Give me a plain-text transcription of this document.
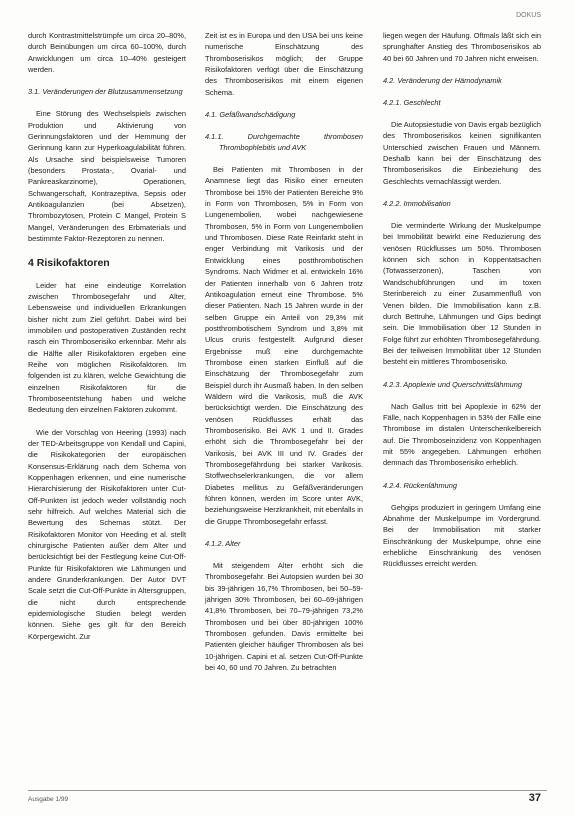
DOKUS

durch Kontrastmittelstrümpfe um circa 20–80%, durch Beinübungen um circa 60–100%, durch Anwicklungen um circa 10–40% gesteigert werden.

3.1. Veränderungen der Blutzusammensetzung

Eine Störung des Wechselspiels zwischen Produktion und Aktivierung von Gerinnungsfaktoren und der Hemmung der Gerinnung kann zur Hyperkoagulabilität führen. Als Ursache sind beispielsweise Tumoren (besonders Prostata-, Ovarial- und Pankreaskarzinome), Operationen, Schwangerschaft, Kontrazeptiva, Sepsis oder Antikoagulanzien (bei Absetzen), Thrombozytosen, Protein C Mangel, Protein S Mangel, Veränderungen des Erbmaterials und bestimmte Faktor-Rezeptoren zu nennen.

4 Risikofaktoren

Leider hat eine eindeutige Korrelation zwischen Thrombosegefahr und Alter, Lebensweise und individuellen Erkrankungen bisher nicht zum Ziel geführt. Dabei wird bei immobilen und postoperativen Zuständen recht rasch ein Thromboserisiko erkennbar. Mehr als die Hälfte aller Risikofaktoren ergeben eine Reihe von möglichen Risikofaktoren. Im folgenden ist zu klären, welche Gewichtung die einzelnen Risikofaktoren für die Thromboseentstehung haben und welche Bedeutung den einzelnen Faktoren zukommt.

Wie der Vorschlag von Heering (1993) nach der TED-Arbeitsgruppe von Kendall und Capini, die Risikokategorien der europäischen Konsensus-Erklärung nach dem Schema von Koppenhagen erkennen, und eine numerische Hierarchisierung der Risikofaktoren unter Cut-Off-Punkten ist jedoch weder vollständig noch sehr hilfreich. Auf welches Material sich die Bewertung des Schemas stützt. Der Risikofaktoren Monitor von Heeding et al. stellt chirurgische Patienten außer dem Alter und berücksichtigt bei der Festlegung keine Cut-Off-Punkte für Risikofaktoren wie Lähmungen und andere Grunderkrankungen. Der Autor DVT Scale setzt die Cut-Off-Punkte in Altersgruppen, die nicht durch entsprechende epidemiologische Studien belegt werden können. Siehe ges gilt für den Bereich Körpergewicht. Zur

Zeit ist es in Europa und den USA bei uns keine numerische Einschätzung des Thromboserisikos möglich; der Gruppe Risikofaktoren verfügt über die Einschätzung des Thromboserisikos mit einem eigenen Schema.

4.1. Gefäßwandschädigung

4.1.1. Durchgemachte thrombosen Thrombophlebitis und AVK

Bei Patienten mit Thrombosen in der Anamnese liegt das Risiko einer erneuten Thrombose bei 15% der Patienten Bereiche 9% in Form von Thrombosen, 5% in Form von Lungenembolien, wobei nachgewiesene Thrombosen, 5% in Form von Lungenembolien und Thrombosen. Diese Rate Reinfarkt steht in enger Verbindung mit Varikosis und der Entwicklung eines postthrombotischen Syndroms. Nach Widmer et al. entwickeln 16% der Patienten innerhalb von 6 Jahren trotz Antikoagulation erneut eine Thrombose. 5% dieser Patienten. Nach 15 Jahren wurde in der selben Gruppe ein Anteil von 29,3% mit postthrombotischem Syndrom und 3,8% mit Ulcus cruris festgestellt. Aufgrund dieser Ergebnisse muß eine durchgemachte Thrombose einen starken Einfluß auf die Einschätzung der Thrombosegefahr zum Beispiel durch ihr Ausmaß haben. In den selben Wäldern wird die Varikosis, muß die AVK berücksichtigt werden. Die Einschätzung des venösen Rückflusses erhält das Thromboserisiko. Bei AVK 1 und II. Grades erhöht sich die Thrombosegefahr bei der Varikosis, bei AVK III und IV. Grades der Thrombosegefährdung bei starker Varikosis. Stoffwechselerkrankungen, die vor allem Diabetes mellitus zu Gefäßveränderungen führen können, werden im Score unter AVK, beziehungsweise Herzkrankheit, mit ebenfalls in die Gruppe Thrombosegefahr erfasst.

4.1.2. Alter

Mit steigendem Alter erhöht sich die Thrombosegefahr. Bei Autopsien wurden bei 30 bis 39-jährigen 16,7% Thrombosen, bei 50–59-jährigen 30% Thrombosen, bei 60–69-jährigen 41,8% Thrombosen, bei 70–79-jährigen 73,2% Thrombosen und bei über 80-jährigen 100% Thrombosen gefunden. Davis ermittelte bei Patienten gleicher häufiger Thrombosen als bei 10-jährigen. Capini et al. setzen Cut-Off-Punkte bei 40, 60 und 70 Jahren. Zu betrachten

liegen wegen der Häufung. Oftmals läßt sich ein sprunghafter Anstieg des Thromboserisikos ab 40 bei 60 Jahren und 70 Jahren nicht erweisen.

4.2. Veränderung der Hämodynamik

4.2.1. Geschlecht

Die Autopsiestudie von Davis ergab bezüglich des Thromboserisikos keinen signifikanten Unterschied zwischen Frauen und Männern. Deshalb kann bei der Einschätzung des Thromboserisikos die Einbeziehung des Geschlechts vernachlässigt werden.

4.2.2. Immobilisation

Die verminderte Wirkung der Muskelpumpe bei Immobilität bewirkt eine Reduzierung des venösen Rückflusses um 50%. Thrombosen können sich schon in Koppentatsachen (Totwasserzonen), Taschen von Wandschubführungen und im toxen Sterinbereich zu einer Zusammenfluß von Venen bilden. Die Immobilisation kann z.B. durch Bettruhe, Lähmungen und Gips bedingt sein. Die Immobilisation über 12 Stunden in Folge führt zur erhöhten Thrombosegefährdung. Bei der teilweisen Immobilität über 12 Stunden besteht ein mittleres Thromboserisiko.

4.2.3. Apoplexie und Querschnittslähmung

Nach Gallus tritt bei Apoplexie in 62% der Fälle, nach Koppenhagen in 53% der Fälle eine Thrombose im distalen Unterschenkelbereich auf. Die Thromboseinzidenz von Koppenhagen mit 55% angegeben. Lähmungen erhöhen demnach das Thromboserisiko erheblich.

4.2.4. Rückenlähmung

Gehgips produziert in geringem Umfang eine Abnahme der Muskelpumpe im Vordergrund. Bei der Immobilisation mit starker Einschränkung der Muskelpumpe, ohne eine erhebliche Einschränkung des venösen Rückflusses erreicht werden.

Ausgabe 1/99	37
